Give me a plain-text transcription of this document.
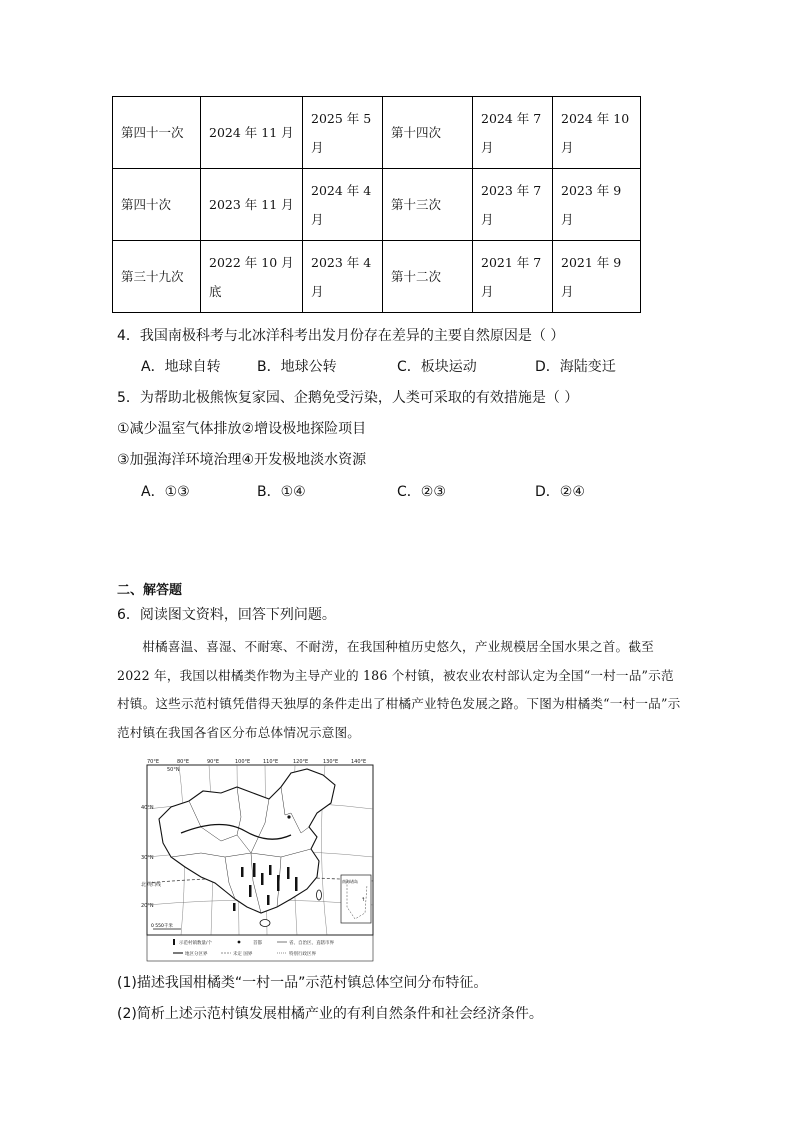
第四十一次	2024 年 11 月	2025 年 5 月	第十四次	2024 年 7 月	2024 年 10 月

第四十次	2023 年 11 月	2024 年 4 月	第十三次	2023 年 7 月	2023 年 9 月

第三十九次	2022 年 10 月底	2023 年 4 月	第十二次	2021 年 7 月	2021 年 9 月
4．我国南极科考与北冰洋科考出发月份存在差异的主要自然原因是（ ）
A．地球自转	B．地球公转	C．板块运动	D．海陆变迁
5．为帮助北极熊恢复家园、企鹅免受污染，人类可采取的有效措施是（ ）
①减少温室气体排放②增设极地探险项目
③加强海洋环境治理④开发极地淡水资源
A．①③	B．①④	C．②③	D．②④
二、解答题
6．阅读图文资料，回答下列问题。
柑橘喜温、喜湿、不耐寒、不耐涝，在我国种植历史悠久，产业规模居全国水果之首。截至 2022 年，我国以柑橘类作物为主导产业的 186 个村镇，被农业农村部认定为全国“一村一品”示范村镇。这些示范村镇凭借得天独厚的条件走出了柑橘产业特色发展之路。下图为柑橘类“一村一品”示范村镇在我国各省区分布总体情况示意图。
70°E	80°E	90°E	100°E	110°E	120°E	130°E	140°E
50°N
40°N
30°N
20°N
北回归线
南海诸岛
↑
0 550千米
示范村镇数量/个	首都	省、自治区、直辖市界
地区分区界	未定 国界	特别行政区界
(1)描述我国柑橘类“一村一品”示范村镇总体空间分布特征。
(2)简析上述示范村镇发展柑橘产业的有利自然条件和社会经济条件。
